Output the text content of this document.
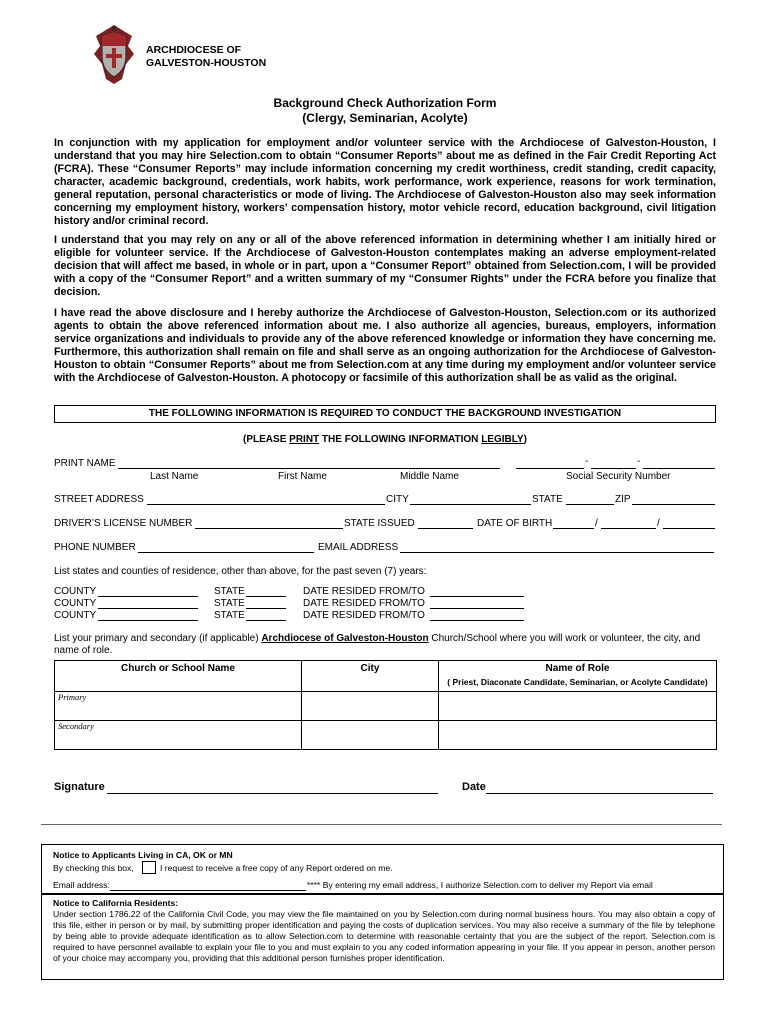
ARCHDIOCESE OF
GALVESTON-HOUSTON
Background Check Authorization Form
(Clergy, Seminarian, Acolyte)
In conjunction with my application for employment and/or volunteer service with the Archdiocese of Galveston-Houston, I understand that you may hire Selection.com to obtain “Consumer Reports” about me as defined in the Fair Credit Reporting Act (FCRA). These “Consumer Reports” may include information concerning my credit worthiness, credit standing, credit capacity, character, academic background, credentials, work habits, work performance, work experience, reasons for work termination, general reputation, personal characteristics or mode of living. The Archdiocese of Galveston-Houston also may seek information concerning my employment history, workers’ compensation history, motor vehicle record, education background, civil litigation history and/or criminal record.
I understand that you may rely on any or all of the above referenced information in determining whether I am initially hired or eligible for volunteer service. If the Archdiocese of Galveston-Houston contemplates making an adverse employment-related decision that will affect me based, in whole or in part, upon a “Consumer Report” obtained from Selection.com, I will be provided with a copy of the “Consumer Report” and a written summary of my “Consumer Rights” under the FCRA before you finalize that decision.
I have read the above disclosure and I hereby authorize the Archdiocese of Galveston-Houston, Selection.com or its authorized agents to obtain the above referenced information about me. I also authorize all agencies, bureaus, employers, information service organizations and individuals to provide any of the above referenced knowledge or information they have concerning me. Furthermore, this authorization shall remain on file and shall serve as an ongoing authorization for the Archdiocese of Galveston-Houston to obtain “Consumer Reports” about me from Selection.com at any time during my employment and/or volunteer service with the Archdiocese of Galveston-Houston. A photocopy or facsimile of this authorization shall be as valid as the original.
THE FOLLOWING INFORMATION IS REQUIRED TO CONDUCT THE BACKGROUND INVESTIGATION
(PLEASE PRINT THE FOLLOWING INFORMATION LEGIBLY)
PRINT NAME	-	-
Last Name	First Name	Middle Name	Social Security Number
STREET ADDRESS	CITY	STATE	ZIP
DRIVER’S LICENSE NUMBER	STATE ISSUED	DATE OF BIRTH	/	/
PHONE NUMBER	EMAIL ADDRESS
List states and counties of residence, other than above, for the past seven (7) years:
COUNTY	STATE	DATE RESIDED FROM/TO
COUNTY	STATE	DATE RESIDED FROM/TO
COUNTY	STATE	DATE RESIDED FROM/TO
List your primary and secondary (if applicable) Archdiocese of Galveston-Houston Church/School where you will work or volunteer, the city, and name of role.
Church or School Name	City	Name of Role
( Priest, Diaconate Candidate, Seminarian, or Acolyte Candidate)

Primary		
Secondary		
Signature	Date
Notice to Applicants Living in CA, OK or MN
By checking this box,	I request to receive a free copy of any Report ordered on me.
Email address:	**** By entering my email address, I authorize Selection.com to deliver my Report via email
Notice to California Residents:
Under section 1786.22 of the California Civil Code, you may view the file maintained on you by Selection.com during normal business hours. You may also obtain a copy of this file, either in person or by mail, by submitting proper identification and paying the costs of duplication services. You may also receive a summary of the file by telephone by being able to provide adequate identification as to allow Selection.com to determine with reasonable certainty that you are the subject of the report. Selection.com is required to have personnel available to explain your file to you and must explain to you any coded information appearing in your file. If you appear in person, another person of your choice may accompany you, providing that this additional person furnishes proper identification.
